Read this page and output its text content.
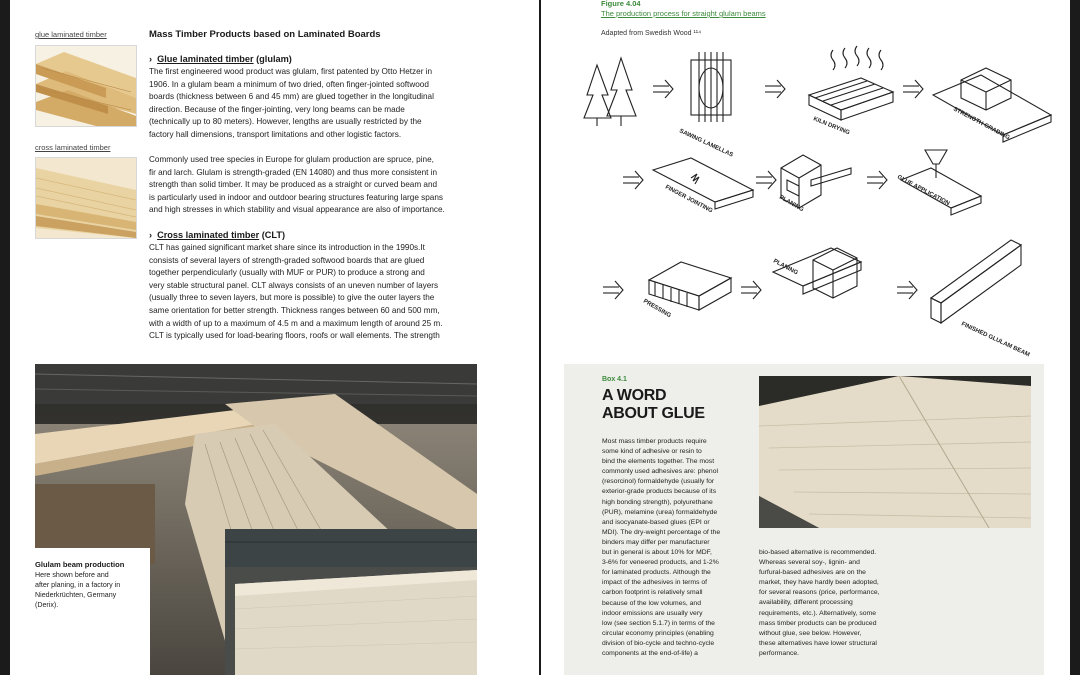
glue laminated timber
cross laminated timber
Mass Timber Products based on Laminated Boards
› Glue laminated timber (glulam)
The first engineered wood product was glulam, first patented by Otto Hetzer in
1906. In a glulam beam a minimum of two dried, often finger-jointed softwood
boards (thickness between 6 and 45 mm) are glued together in the longitudinal
direction. Because of the finger-jointing, very long beams can be made
(technically up to 80 meters). However, lengths are usually restricted by the
factory hall dimensions, transport limitations and other logistic factors.
Commonly used tree species in Europe for glulam production are spruce, pine,
fir and larch. Glulam is strength-graded (EN 14080) and thus more consistent in
strength than solid timber. It may be produced as a straight or curved beam and
is particularly used in indoor and outdoor bearing structures featuring large spans
and high stresses in which stability and visual appearance are also of importance.
› Cross laminated timber (CLT)
CLT has gained significant market share since its introduction in the 1990s.It
consists of several layers of strength-graded softwood boards that are glued
together perpendicularly (usually with MUF or PUR) to produce a strong and
very stable structural panel. CLT always consists of an uneven number of layers
(usually three to seven layers, but more is possible) to give the outer layers the
same orientation for better strength. Thickness ranges between 60 and 500 mm,
with a width of up to a maximum of 4.5 m and a maximum length of around 25 m.
CLT is typically used for load-bearing floors, roofs or wall elements. The strength
Glulam beam production
Here shown before and
after planing, in a factory in
Niederkrüchten, Germany
(Derix).
Figure 4.04
The production process for straight glulam beams
Adapted from Swedish Wood ¹¹⁴
SAWING LAMELLAS
KILN DRYING	STRENGTH GRADING
FINGER JOINTING	PLANING	GLUE APPLICATION
PRESSING
PLANING
FINISHED GLULAM BEAM
Box 4.1
A WORD
ABOUT GLUE
Most mass timber products require
some kind of adhesive or resin to
bind the elements together. The most
commonly used adhesives are: phenol
(resorcinol) formaldehyde (usually for
exterior-grade products because of its
high bonding strength), polyurethane
(PUR), melamine (urea) formaldehyde
and isocyanate-based glues (EPI or
MDI). The dry-weight percentage of the
binders may differ per manufacturer
but in general is about 10% for MDF,
3-6% for veneered products, and 1-2%
for laminated products. Although the
impact of the adhesives in terms of
carbon footprint is relatively small
because of the low volumes, and
indoor emissions are usually very
low (see section 5.1.7) in terms of the
circular economy principles (enabling
division of bio-cycle and techno-cycle
components at the end-of-life) a
bio-based alternative is recommended.
Whereas several soy-, lignin- and
furfural-based adhesives are on the
market, they have hardly been adopted,
for several reasons (price, performance,
availability, different processing
requirements, etc.). Alternatively, some
mass timber products can be produced
without glue, see below. However,
these alternatives have lower structural
performance.
